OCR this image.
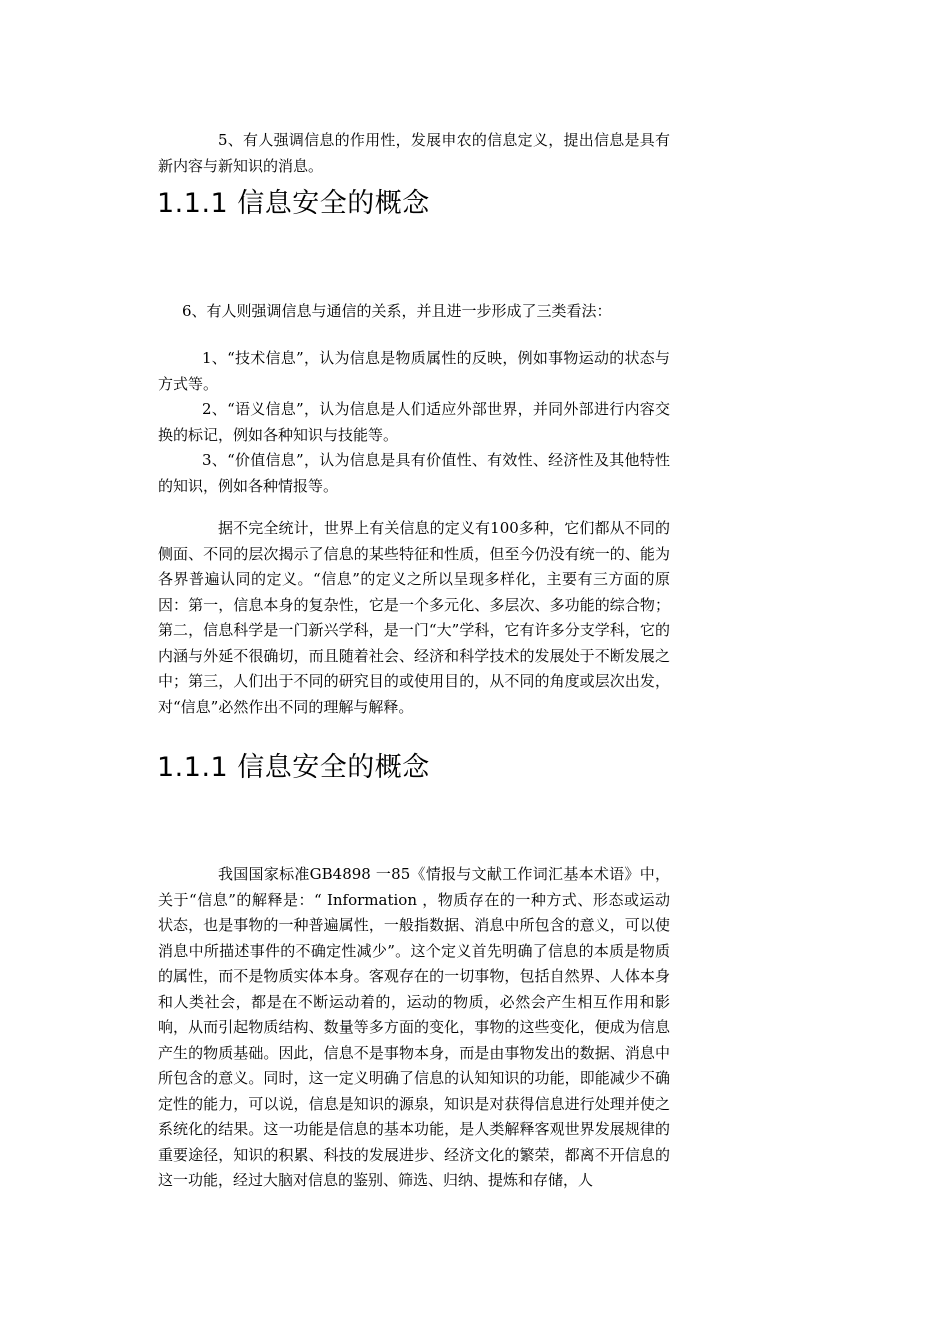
5、有人强调信息的作用性，发展申农的信息定义，提出信息是具有新内容与新知识的消息。

1.1.1 信息安全的概念

6、有人则强调信息与通信的关系，并且进一步形成了三类看法：

1、“技术信息”，认为信息是物质属性的反映，例如事物运动的状态与方式等。

2、“语义信息”，认为信息是人们适应外部世界，并同外部进行内容交换的标记，例如各种知识与技能等。

3、“价值信息”，认为信息是具有价值性、有效性、经济性及其他特性的知识，例如各种情报等。

据不完全统计，世界上有关信息的定义有100多种，它们都从不同的侧面、不同的层次揭示了信息的某些特征和性质，但至今仍没有统一的、能为各界普遍认同的定义。“信息”的定义之所以呈现多样化，主要有三方面的原因：第一，信息本身的复杂性，它是一个多元化、多层次、多功能的综合物；第二，信息科学是一门新兴学科，是一门“大”学科，它有许多分支学科，它的内涵与外延不很确切，而且随着社会、经济和科学技术的发展处于不断发展之中；第三，人们出于不同的研究目的或使用目的，从不同的角度或层次出发，对“信息”必然作出不同的理解与解释。

1.1.1 信息安全的概念

我国国家标准GB4898 一85《情报与文献工作词汇基本术语》中，关于“信息”的解释是：“ Information ，物质存在的一种方式、形态或运动状态，也是事物的一种普遍属性，一般指数据、消息中所包含的意义，可以使消息中所描述事件的不确定性减少”。这个定义首先明确了信息的本质是物质的属性，而不是物质实体本身。客观存在的一切事物，包括自然界、人体本身和人类社会，都是在不断运动着的，运动的物质，必然会产生相互作用和影响，从而引起物质结构、数量等多方面的变化，事物的这些变化，便成为信息产生的物质基础。因此，信息不是事物本身，而是由事物发出的数据、消息中所包含的意义。同时，这一定义明确了信息的认知知识的功能，即能减少不确定性的能力，可以说，信息是知识的源泉，知识是对获得信息进行处理并使之系统化的结果。这一功能是信息的基本功能，是人类解释客观世界发展规律的重要途径，知识的积累、科技的发展进步、经济文化的繁荣，都离不开信息的这一功能，经过大脑对信息的鉴别、筛选、归纳、提炼和存储，人
